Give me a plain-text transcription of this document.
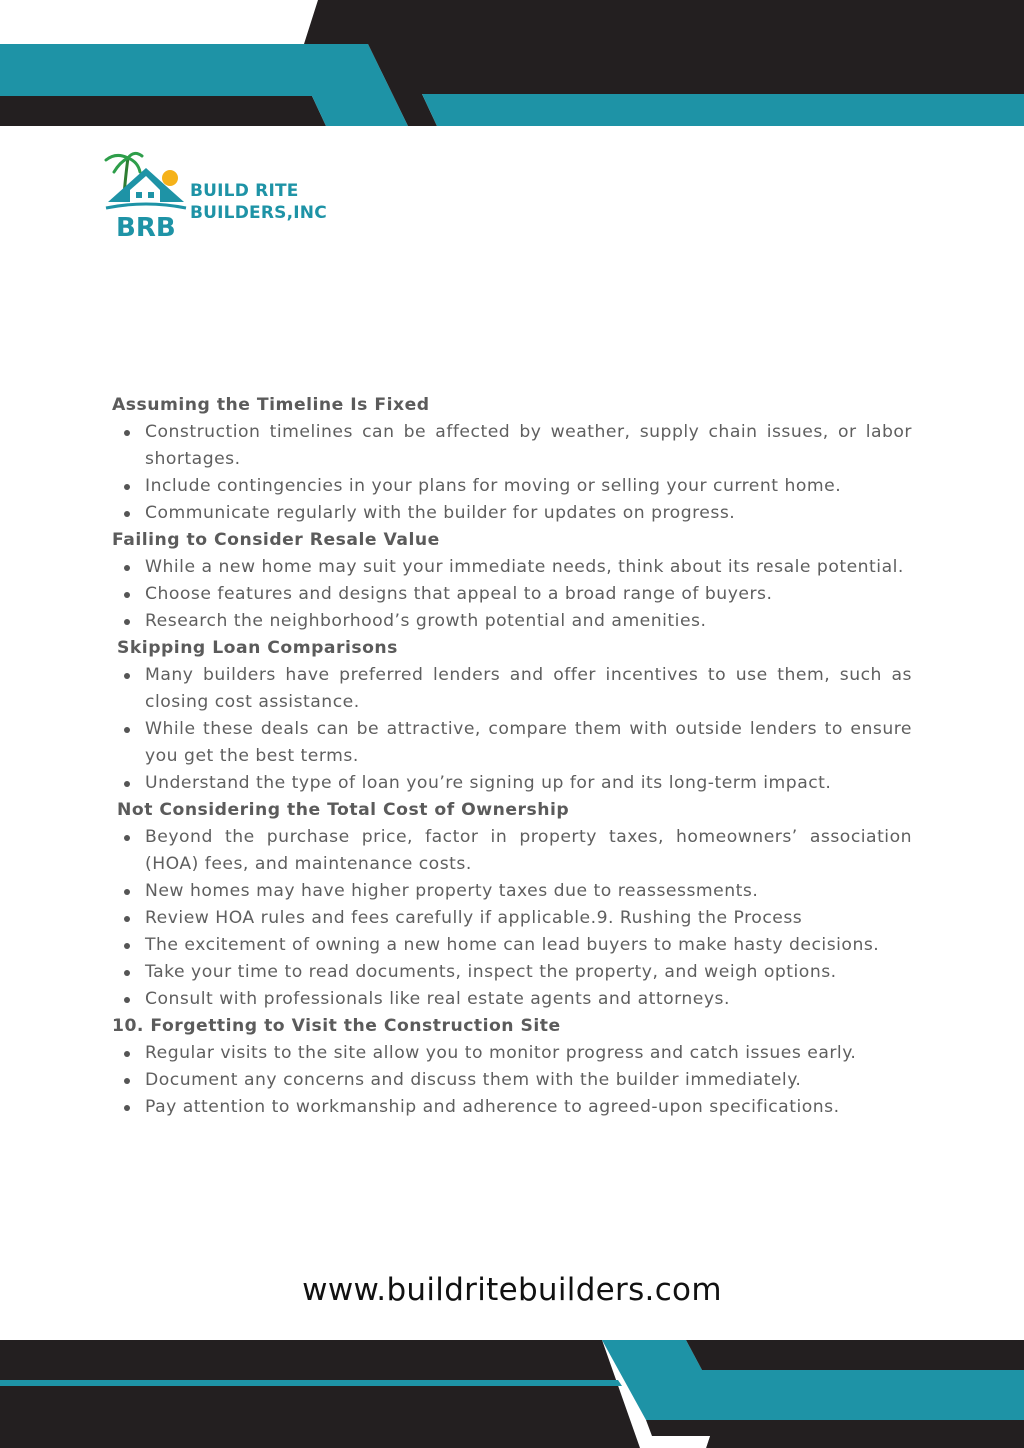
BRB
BUILD RITE
BUILDERS,INC
Assuming the Timeline Is Fixed
Construction timelines can be affected by weather, supply chain issues, or labor shortages.
Include contingencies in your plans for moving or selling your current home.
Communicate regularly with the builder for updates on progress.
Failing to Consider Resale Value
While a new home may suit your immediate needs, think about its resale potential.
Choose features and designs that appeal to a broad range of buyers.
Research the neighborhood’s growth potential and amenities.
Skipping Loan Comparisons
Many builders have preferred lenders and offer incentives to use them, such as closing cost assistance.
While these deals can be attractive, compare them with outside lenders to ensure you get the best terms.
Understand the type of loan you’re signing up for and its long-term impact.
Not Considering the Total Cost of Ownership
Beyond the purchase price, factor in property taxes, homeowners’ association (HOA) fees, and maintenance costs.
New homes may have higher property taxes due to reassessments.
Review HOA rules and fees carefully if applicable.9. Rushing the Process
The excitement of owning a new home can lead buyers to make hasty decisions.
Take your time to read documents, inspect the property, and weigh options.
Consult with professionals like real estate agents and attorneys.
10. Forgetting to Visit the Construction Site
Regular visits to the site allow you to monitor progress and catch issues early.
Document any concerns and discuss them with the builder immediately.
Pay attention to workmanship and adherence to agreed-upon specifications.
www.buildritebuilders.com
